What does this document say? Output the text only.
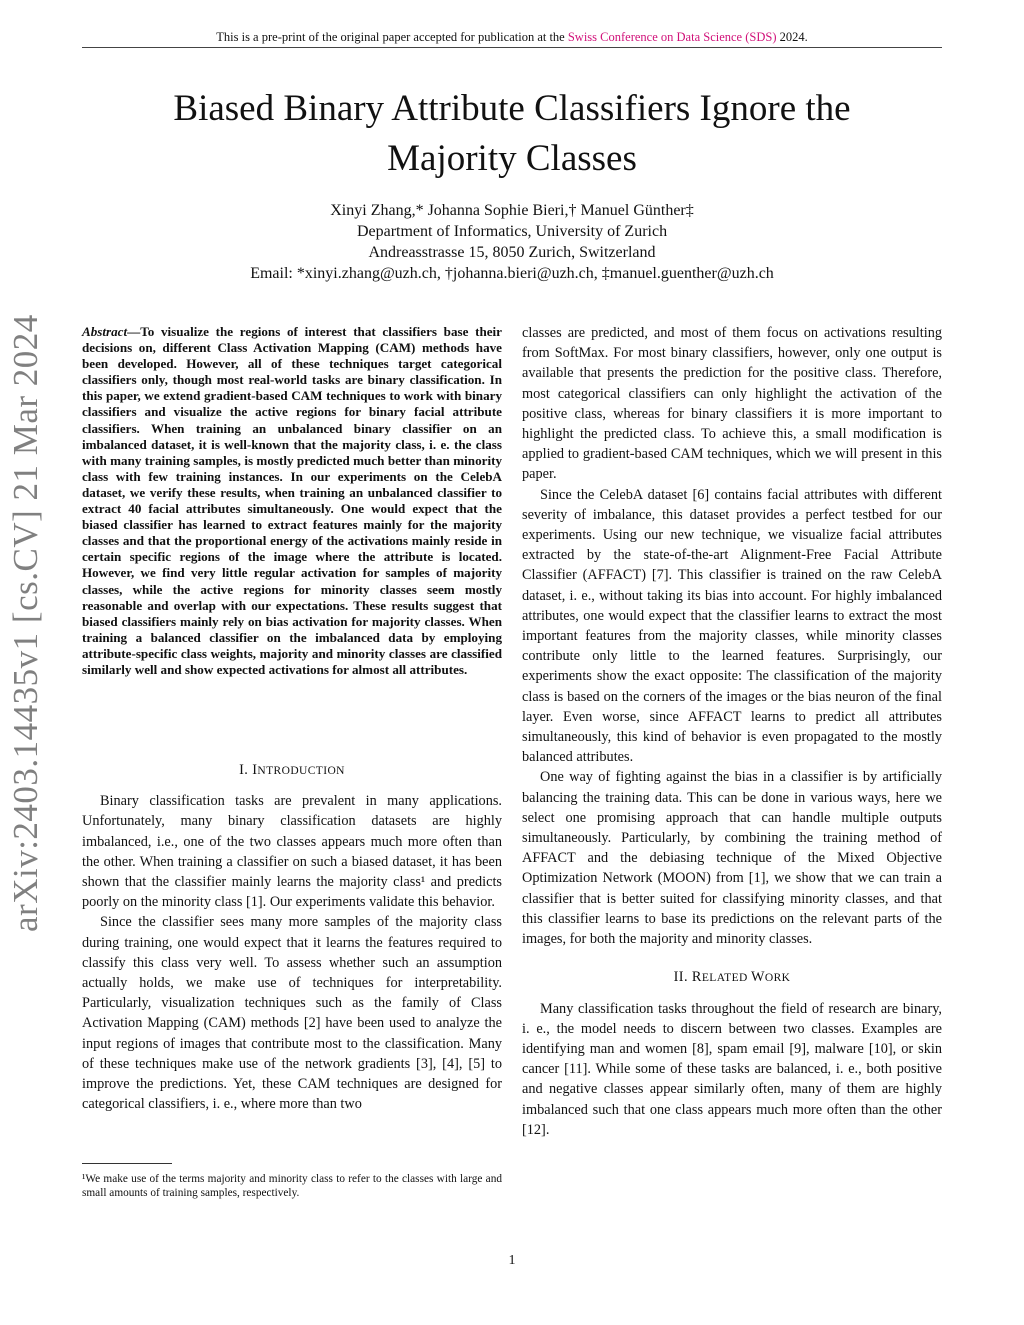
This is a pre-print of the original paper accepted for publication at the Swiss Conference on Data Science (SDS) 2024.
arXiv:2403.14435v1 [cs.CV] 21 Mar 2024
Biased Binary Attribute Classifiers Ignore the
Majority Classes
Xinyi Zhang,* Johanna Sophie Bieri,† Manuel Günther‡
Department of Informatics, University of Zurich
Andreasstrasse 15, 8050 Zurich, Switzerland
Email: *xinyi.zhang@uzh.ch, †johanna.bieri@uzh.ch, ‡manuel.guenther@uzh.ch
Abstract—To visualize the regions of interest that classifiers base their decisions on, different Class Activation Mapping (CAM) methods have been developed. However, all of these techniques target categorical classifiers only, though most real-world tasks are binary classification. In this paper, we extend gradient-based CAM techniques to work with binary classifiers and visualize the active regions for binary facial attribute classifiers. When training an unbalanced binary classifier on an imbalanced dataset, it is well-known that the majority class, i. e. the class with many training samples, is mostly predicted much better than minority class with few training instances. In our experiments on the CelebA dataset, we verify these results, when training an unbalanced classifier to extract 40 facial attributes simultaneously. One would expect that the biased classifier has learned to extract features mainly for the majority classes and that the proportional energy of the activations mainly reside in certain specific regions of the image where the attribute is located. However, we find very little regular activation for samples of majority classes, while the active regions for minority classes seem mostly reasonable and overlap with our expectations. These results suggest that biased classifiers mainly rely on bias activation for majority classes. When training a balanced classifier on the imbalanced data by employing attribute-specific class weights, majority and minority classes are classified similarly well and show expected activations for almost all attributes.
I. INTRODUCTION

Binary classification tasks are prevalent in many applications. Unfortunately, many binary classification datasets are highly imbalanced, i.e., one of the two classes appears much more often than the other. When training a classifier on such a biased dataset, it has been shown that the classifier mainly learns the majority class¹ and predicts poorly on the minority class [1]. Our experiments validate this behavior.

Since the classifier sees many more samples of the majority class during training, one would expect that it learns the features required to classify this class very well. To assess whether such an assumption actually holds, we make use of techniques for interpretability. Particularly, visualization techniques such as the family of Class Activation Mapping (CAM) methods [2] have been used to analyze the input regions of images that contribute most to the classification. Many of these techniques make use of the network gradients [3], [4], [5] to improve the predictions. Yet, these CAM techniques are designed for categorical classifiers, i. e., where more than two

¹We make use of the terms majority and minority class to refer to the classes with large and small amounts of training samples, respectively.

classes are predicted, and most of them focus on activations resulting from SoftMax. For most binary classifiers, however, only one output is available that presents the prediction for the positive class. Therefore, most categorical classifiers can only highlight the activation of the positive class, whereas for binary classifiers it is more important to highlight the predicted class. To achieve this, a small modification is applied to gradient-based CAM techniques, which we will present in this paper.

Since the CelebA dataset [6] contains facial attributes with different severity of imbalance, this dataset provides a perfect testbed for our experiments. Using our new technique, we visualize facial attributes extracted by the state-of-the-art Alignment-Free Facial Attribute Classifier (AFFACT) [7]. This classifier is trained on the raw CelebA dataset, i. e., without taking its bias into account. For highly imbalanced attributes, one would expect that the classifier learns to extract the most important features from the majority classes, while minority classes contribute only little to the learned features. Surprisingly, our experiments show the exact opposite: The classification of the majority class is based on the corners of the images or the bias neuron of the final layer. Even worse, since AFFACT learns to predict all attributes simultaneously, this kind of behavior is even propagated to the mostly balanced attributes.

One way of fighting against the bias in a classifier is by artificially balancing the training data. This can be done in various ways, here we select one promising approach that can handle multiple outputs simultaneously. Particularly, by combining the training method of AFFACT and the debiasing technique of the Mixed Objective Optimization Network (MOON) from [1], we show that we can train a classifier that is better suited for classifying minority classes, and that this classifier learns to base its predictions on the relevant parts of the images, for both the majority and minority classes.

II. RELATED WORK

Many classification tasks throughout the field of research are binary, i. e., the model needs to discern between two classes. Examples are identifying man and women [8], spam email [9], malware [10], or skin cancer [11]. While some of these tasks are balanced, i. e., both positive and negative classes appear similarly often, many of them are highly imbalanced such that one class appears much more often than the other [12].

1
